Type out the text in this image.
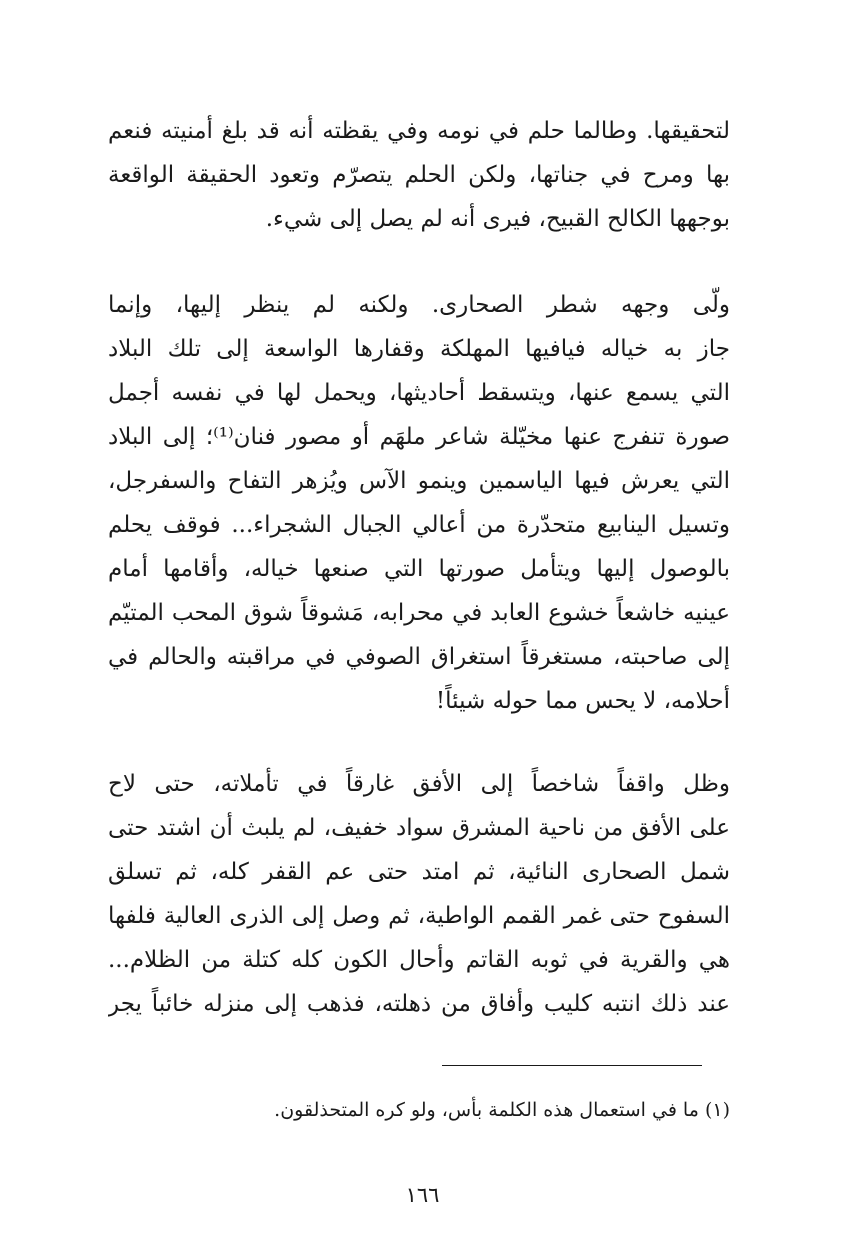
لتحقيقها. وطالما حلم في نومه وفي يقظته أنه قد بلغ أمنيته فنعم
بها ومرح في جناتها، ولكن الحلم يتصرّم وتعود الحقيقة الواقعة
بوجهها الكالح القبيح، فيرى أنه لم يصل إلى شيء.
ولّى وجهه شطر الصحارى. ولكنه لم ينظر إليها، وإنما
جاز به خياله فيافيها المهلكة وقفارها الواسعة إلى تلك البلاد
التي يسمع عنها، ويتسقط أحاديثها، ويحمل لها في نفسه أجمل
صورة تنفرج عنها مخيّلة شاعر ملهَم أو مصور فنان⁽¹⁾؛ إلى البلاد
التي يعرش فيها الياسمين وينمو الآس ويُزهر التفاح والسفرجل،
وتسيل الينابيع متحدّرة من أعالي الجبال الشجراء... فوقف يحلم
بالوصول إليها ويتأمل صورتها التي صنعها خياله، وأقامها أمام
عينيه خاشعاً خشوع العابد في محرابه، مَشوقاً شوق المحب المتيّم
إلى صاحبته، مستغرقاً استغراق الصوفي في مراقبته والحالم في
أحلامه، لا يحس مما حوله شيئاً!
وظل واقفاً شاخصاً إلى الأفق غارقاً في تأملاته، حتى لاح
على الأفق من ناحية المشرق سواد خفيف، لم يلبث أن اشتد حتى
شمل الصحارى النائية، ثم امتد حتى عم القفر كله، ثم تسلق
السفوح حتى غمر القمم الواطية، ثم وصل إلى الذرى العالية فلفها
هي والقرية في ثوبه القاتم وأحال الكون كله كتلة من الظلام...
عند ذلك انتبه كليب وأفاق من ذهلته، فذهب إلى منزله خائباً يجر
(١) ما في استعمال هذه الكلمة بأس، ولو كره المتحذلقون.
١٦٦
